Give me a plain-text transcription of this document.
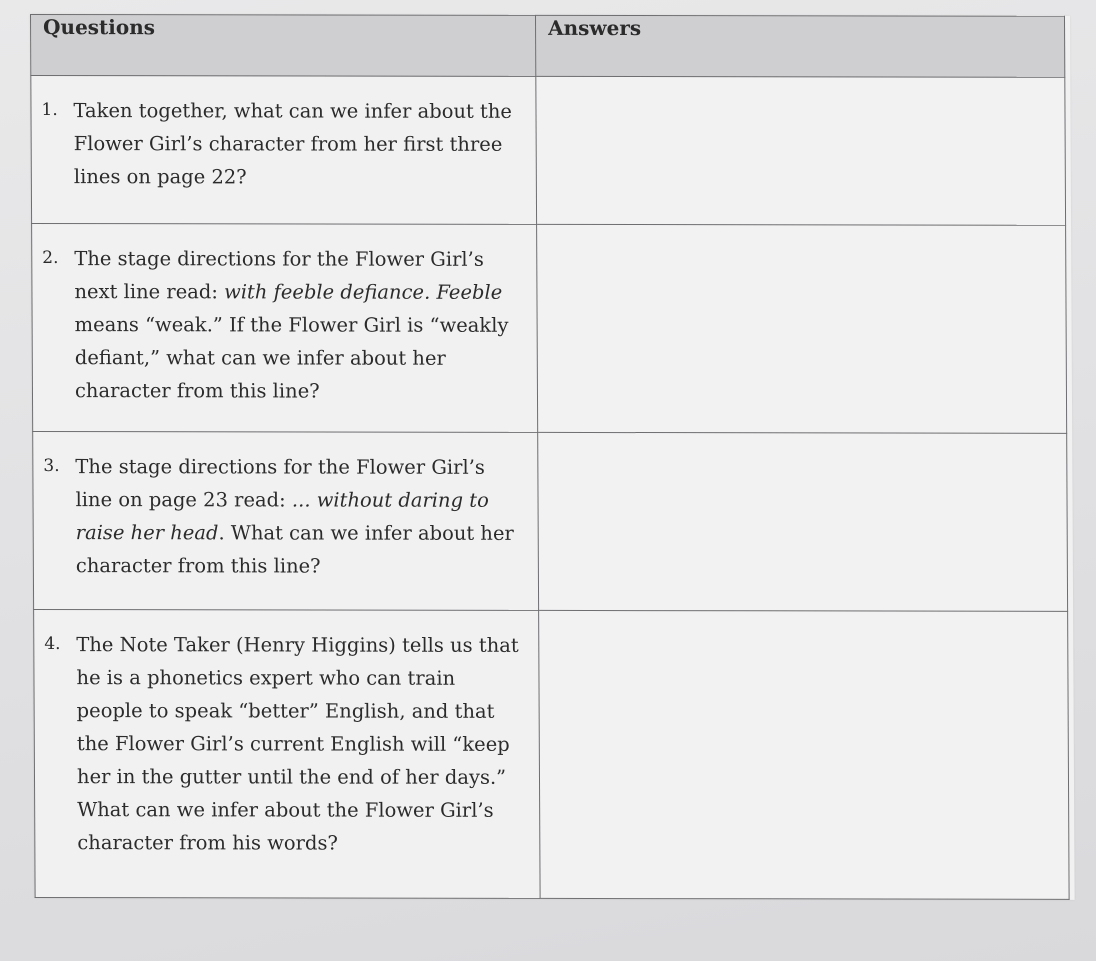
Questions	Answers

1. Taken together, what can we infer about the Flower Girl’s character from her first three lines on page 22?	

2. The stage directions for the Flower Girl’s next line read: with feeble defiance. Feeble means “weak.” If the Flower Girl is “weakly defiant,” what can we infer about her character from this line?	

3. The stage directions for the Flower Girl’s line on page 23 read: ... without daring to raise her head. What can we infer about her character from this line?	

4. The Note Taker (Henry Higgins) tells us that he is a phonetics expert who can train people to speak “better” English, and that the Flower Girl’s current English will “keep her in the gutter until the end of her days.” What can we infer about the Flower Girl’s character from his words?	
